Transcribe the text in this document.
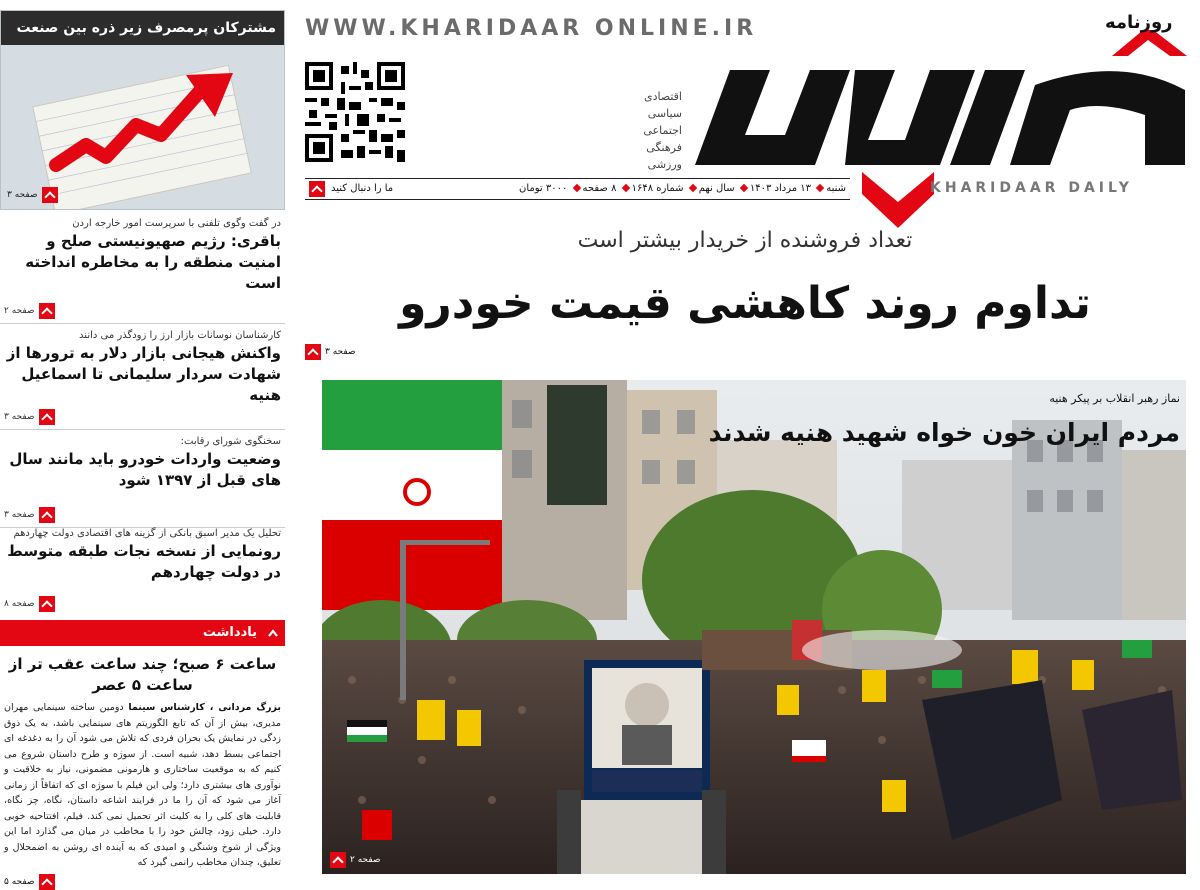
مشترکان پرمصرف زیر ذره بین صنعت
صفحه ۳
در گفت وگوی تلفنی با سرپرست امور خارجه اردن
باقری: رژیم صهیونیستی صلح و امنیت منطقه را به مخاطره انداخته است
صفحه ۲
کارشناسان نوسانات بازار ارز را زودگذر می دانند
واکنش هیجانی بازار دلار به ترورها از شهادت سردار سلیمانی تا اسماعیل هنیه
صفحه ۳
سخنگوی شورای رقابت:
وضعیت واردات خودرو باید مانند سال های قبل از ۱۳۹۷ شود
صفحه ۳
تحلیل یک مدیر اسبق بانکی از گزینه های اقتصادی دولت چهاردهم
رونمایی از نسخه نجات طبقه متوسط در دولت چهاردهم
صفحه ۸
یادداشت
ساعت ۶ صبح؛ چند ساعت عقب تر از ساعت ۵ عصر
بزرگ مردانی ، کارشناس سینما دومین ساخته سینمایی مهران مدیری، بیش از آن که تابع الگوریتم های سینمایی باشد، به یک ذوق زدگی در نمایش یک بحران فردی که تلاش می شود آن را به دغدغه ای اجتماعی بسط دهد، شبیه است. از سوژه و طرح داستان شروع می کنیم که به موقعیت ساختاری و هارمونی مضمونی، نیاز به خلاقیت و نوآوری های بیشتری دارد؛ ولی این فیلم با سوژه ای که اتفاقاً از زمانی آغاز می شود که آن را ما در فرایند اشاعه داستان، نگاه، چز نگاه، قابلیت های کلی را به کلیت اثر تحمیل نمی کند. فیلم، افتتاحیه خوبی دارد. خیلی زود، چالش خود را با مخاطب در میان می گذارد اما این ویژگی از شوخ وشنگی و امیدی که به آینده ای روشن به اضمحلال و تعلیق، چندان مخاطب رانمی گیرد که
صفحه ۵
WWW.KHARIDAAR ONLINE.IR
اقتصادی
سیاسی
اجتماعی
فرهنگی
ورزشی
روزنامه
KHARIDAAR DAILY
شنبه ۱۳ مرداد ۱۴۰۳ سال نهم شماره ۱۶۴۸ ۸ صفحه ۳۰۰۰ تومان
ما را دنبال کنید
تعداد فروشنده از خریدار بیشتر است
تداوم روند کاهشی قیمت خودرو
صفحه ۳
نماز رهبر انقلاب بر پیکر هنیه
مردم ایران خون خواه شهید هنیه شدند
صفحه ۲
